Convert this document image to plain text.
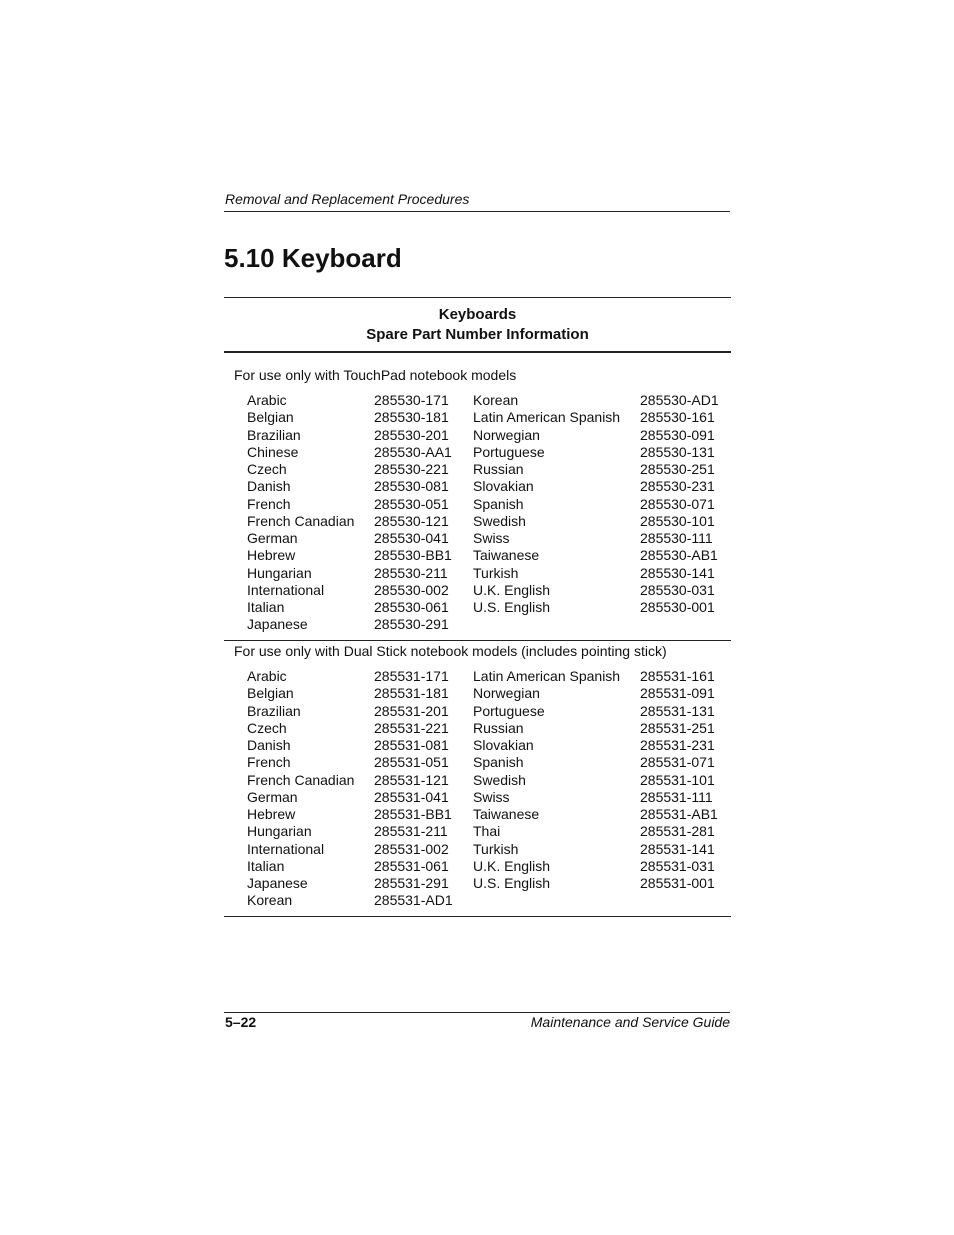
Removal and Replacement Procedures
5.10 Keyboard
Keyboards
Spare Part Number Information
For use only with TouchPad notebook models
Arabic	285530-171 Korean	285530-AD1
Belgian	285530-181 Latin American Spanish 285530-161
Brazilian	285530-201 Norwegian	285530-091
Chinese	285530-AA1 Portuguese	285530-131
Czech	285530-221 Russian	285530-251
Danish	285530-081 Slovakian	285530-231
French	285530-051 Spanish	285530-071
French Canadian 285530-121 Swedish	285530-101
German	285530-041 Swiss	285530-111
Hebrew	285530-BB1 Taiwanese	285530-AB1
Hungarian	285530-211 Turkish	285530-141
International	285530-002 U.K. English	285530-031
Italian	285530-061 U.S. English	285530-001
Japanese	285530-291
For use only with Dual Stick notebook models (includes pointing stick)
Arabic	285531-171 Latin American Spanish 285531-161
Belgian	285531-181 Norwegian	285531-091
Brazilian	285531-201 Portuguese	285531-131
Czech	285531-221 Russian	285531-251
Danish	285531-081 Slovakian	285531-231
French	285531-051 Spanish	285531-071
French Canadian 285531-121 Swedish	285531-101
German	285531-041 Swiss	285531-111
Hebrew	285531-BB1 Taiwanese	285531-AB1
Hungarian	285531-211 Thai	285531-281
International	285531-002 Turkish	285531-141
Italian	285531-061 U.K. English	285531-031
Japanese	285531-291 U.S. English	285531-001
Korean	285531-AD1
5–22	Maintenance and Service Guide
